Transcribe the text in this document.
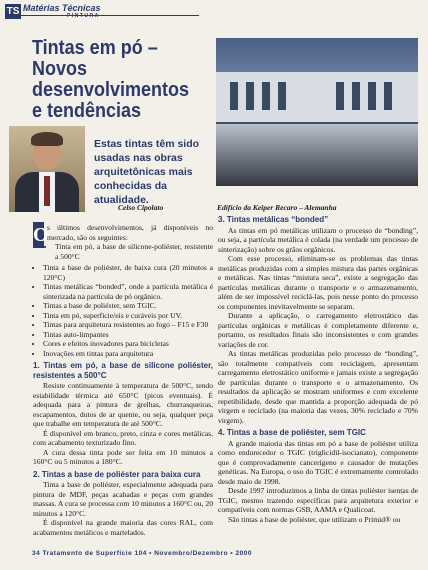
TS Matérias Técnicas
PINTURA
Tintas em pó – Novos desenvolvimentos e tendências
Estas tintas têm sido usadas nas obras arquitetônicas mais conhecidas da atualidade.
Celso Cipolato	Edifício da Keiper Recaro – Alemanha
O

s últimos desenvolvimentos, já disponíveis no mercado, são os seguintes:

• Tinta em pó, a base de silicone-poliéster, resistente a 500°C
• Tinta a base de poliéster, de baixa cura (20 minutos a 120°C)
• Tintas metálicas “bonded”, onde a partícula metálica é sinterizada na partícula de pó orgânico.
• Tintas a base de poliéster, sem TGIC.
• Tinta em pó, superfície/eis e curáveis por UV.
• Tintas para arquitetura resistentes ao fogo – F15 e F30
• Tintas auto-limpantes
• Cores e efeitos inovadores para bicicletas
• Inovações em tintas para arquitetura
1. Tintas em pó, a base de silicone poliéster, resistentes a 500°C

Resiste continuamente à temperatura de 500°C, tendo estabilidade térmica até 650°C (picos eventuais). É adequada para a pintura de grelhas, churrasqueiras, escapamentos, dutos de ar quente, ou seja, qualquer peça que trabalhe em temperatura de até 500°C.

É disponível em branco, preto, cinza e cores metálicas, com acabamento texturizado fino.

A cura dessa tinta pode ser feita em 10 minutos a 160°C ou 5 minutos a 180°C.

2. Tintas a base de poliéster para baixa cura

Tinta a base de poliéster, especialmente adequada para pintura de MDF, peças acabadas e peças com grandes massas. A cura se processa com 10 minutos a 160°C ou, 20 minutos a 120°C.

É disponível na grande maioria das cores RAL, com acabamentos metálicos e martelados.

3. Tintas metálicas “bonded”

As tintas em pó metálicas utilizam o processo de “bonding”, ou seja, a partícula metálica é colada (na verdade um processo de sinterização) sobre os grãos orgânicos.

Com esse processo, eliminam-se os problemas das tintas metálicas produzidas com a simples mistura das partes orgânicas e metálicas. Nas tintas “mistura seca”, existe a segregação das partículas metálicas durante o transporte e o armazenamento, além de ser impossível reciclá-las, pois nesse ponto do processo os componentes inevitavelmente se separam.

Durante a aplicação, o carregamento eletrostático das partículas orgânicas e metálicas é completamente diferente e, portanto, os resultados finais são inconsistentes e com grandes variações de cor.

As tintas metálicas produzidas pelo processo de “bonding”, são totalmente compatíveis com reciclagem, apresentam carregamento eletrostático uniforme e jamais existe a segregação de partículas durante o transporte e o armazenamento. Os resultados da aplicação se mostram uniformes e com excelente repetibilidade, desde que mantida a proporção adequada de pó virgem e reciclado (na maioria das vezes, 30% reciclado e 70% virgem).

4. Tintas a base de poliéster, sem TGIC

A grande maioria das tintas em pó a base de poliéster utiliza como endurecedor o TGIC (triglicidil-isocianato), componente que é comprovadamente cancerígeno e causador de mutações genéticas. Na Europa, o uso do TGIC é extremamente controlado desde maio de 1998.

Desde 1997 introduzimos a linha de tintas poliéster isentas de TGIC, mesmo trazendo específicas para arquitetura exterior e compatíveis com normas GSB, AAMA e Qualicoat.

São tintas a base de poliéster, que utilizam o Primid® ou

34 Tratamento de Superfície 104 • Novembro/Dezembro • 2000
